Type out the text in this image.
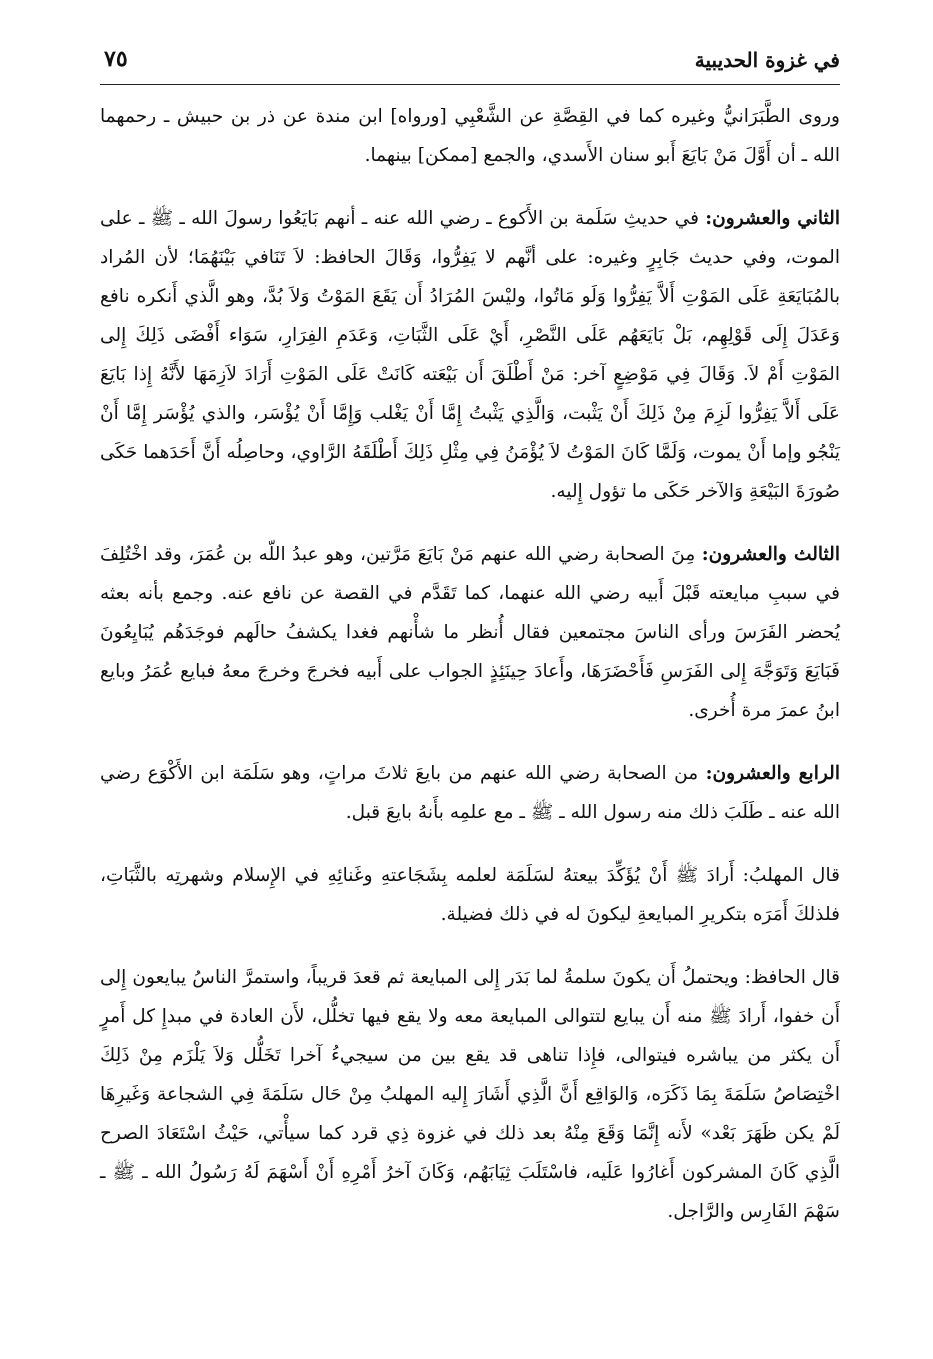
في غزوة الحديبية
٧٥

وروى الطَّبَرَانيُّ وغيره كما في القِصَّةِ عن الشَّعْبِي [ورواه] ابن مندة عن ذر بن حبيش ـ رحمهما الله ـ أن أَوَّلَ مَنْ بَايَعَ أَبو سنان الأَسدي، والجمع [ممكن] بينهما.

الثاني والعشرون: في حديثِ سَلَمة بن الأَكوع ـ رضي الله عنه ـ أنهم بَايَعُوا رسولَ الله ـ ﷺ ـ على الموت، وفي حديث جَابِرٍ وغيره: على أنَّهم لا يَفِرُّوا، وَقَالَ الحافظ: لاَ تَنَافي بَيْنَهُمَا؛ لأن المُراد بالمُبَايَعَةِ عَلَى المَوْتِ أَلاَّ يَفِرُّوا وَلَو مَاتُوا، وليْسَ المُرَادُ أَن يَقَعَ المَوْتُ وَلاَ بُدَّ، وهو الَّذي أَنكره نافع وَعَدَلَ إِلَى قَوْلِهِم، بَلْ بَايَعَهُم عَلَى النَّصْرِ، أَيْ عَلَى الثَّبَاتِ، وَعَدَمِ الفِرَارِ، سَوَاء أَفْضَى ذَلِكَ إِلى المَوْتِ أَمْ لاَ. وَقَالَ فِي مَوْضِعٍ آخر: مَنْ أَطْلَقَ أَن بَيْعَته كَانَتْ عَلَى المَوْتِ أَرَادَ لاَزِمَهَا لأَنَّهُ إِذا بَايَعَ عَلَى أَلاَّ يَفِرُّوا لَزِمَ مِنْ ذَلِكَ أَنْ يَثْبت، وَالَّذِي يَثْبتُ إِمَّا أَنْ يَغْلب وَإِمَّا أَنْ يُؤْسَر، والذي يُؤْسَر إِمَّا أَنْ يَنْجُو وإما أَنْ يموت، وَلَمَّا كَانَ المَوْتُ لاَ يُؤْمَنُ فِي مِثْلِ ذَلِكَ أَطْلَقَهُ الرَّاوي، وحاصِلُه أَنَّ أَحَدَهما حَكَى صُورَةَ البَيْعَةِ وَالآخر حَكَى ما تؤول إِليه.

الثالث والعشرون: مِنَ الصحابة رضي الله عنهم مَنْ بَايَعَ مَرَّتين، وهو عبدُ اللّه بن عُمَرَ، وقد اخْتُلِفَ في سببِ مبايعته قَبْلَ أَبيه رضي الله عنهما، كما تَقَدَّم في القصة عن نافع عنه. وجمع بأنه بعثه يُحضر الفَرَسَ ورأى الناسَ مجتمعين فقال أُنظر ما شأْنهم فغدا يكشفُ حالَهم فوجَدَهُم يُبَايِعُونَ فَبَايَعَ وَتَوَجَّهَ إِلى الفَرَسِ فَأَحْضَرَهَا، وأَعادَ حِينَئِذٍ الجواب على أَبيه فخرجَ وخرجَ معهُ فبايع عُمَرُ وبايع ابنُ عمرَ مرة أُخرى.

الرابع والعشرون: من الصحابة رضي الله عنهم من بايعَ ثلاثَ مراتٍ، وهو سَلَمَة ابن الأَكْوَع رضي الله عنه ـ طَلَبَ ذلك منه رسول الله ـ ﷺ ـ مع علمِه بأَنهُ بايعَ قبل.

قال المهلبُ: أَرادَ ﷺ أَنْ يُؤَكِّدَ بيعتهُ لسَلَمَة لعلمه بِشَجَاعتهِ وغَنائِهِ في الإِسلام وشهرتِه بالثَّبَاتِ، فلذلكَ أَمَرَه بتكريرِ المبايعةِ ليكونَ له في ذلك فضيلة.

قال الحافظ: ويحتملُ أَن يكونَ سلمةُ لما بَدَر إِلى المبايعة ثم قعدَ قريباً، واستمرَّ الناسُ يبايعون إِلى أَن خفوا، أَرادَ ﷺ منه أَن يبايع لتتوالى المبايعة معه ولا يقع فيها تخلُّل، لأَن العادة في مبدإِ كل أَمرٍ أَن يكثر من يباشره فيتوالى، فإِذا تناهى قد يقع بين من سيجيءُ آخرا تَخَلُّل وَلاَ يَلْزَم مِنْ ذَلِكَ اخْتِصَاصُ سَلَمَةَ بِمَا ذَكَرَه، وَالوَاقِع أَنَّ الَّذِي أَشَارَ إِليه المهلبُ مِنْ حَال سَلَمَةَ فِي الشجاعة وَغَيرِهَا لَمْ يكن ظَهَرَ بَعْد» لأَنه إِنَّمَا وَقَعَ مِنْهُ بعد ذلك في غزوة ذِي قرد كما سيأْتي، حَيْثُ اسْتَعَادَ الصرح الَّذِي كَانَ المشركون أَغارُوا عَلَيه، فاسْتَلَبَ ثِيَابَهُم، وَكَانَ آخرُ أَمْرِهِ أَنْ أَسْهَمَ لَهُ رَسُولُ الله ـ ﷺ ـ سَهْمَ الفَارِس والرَّاجل.
